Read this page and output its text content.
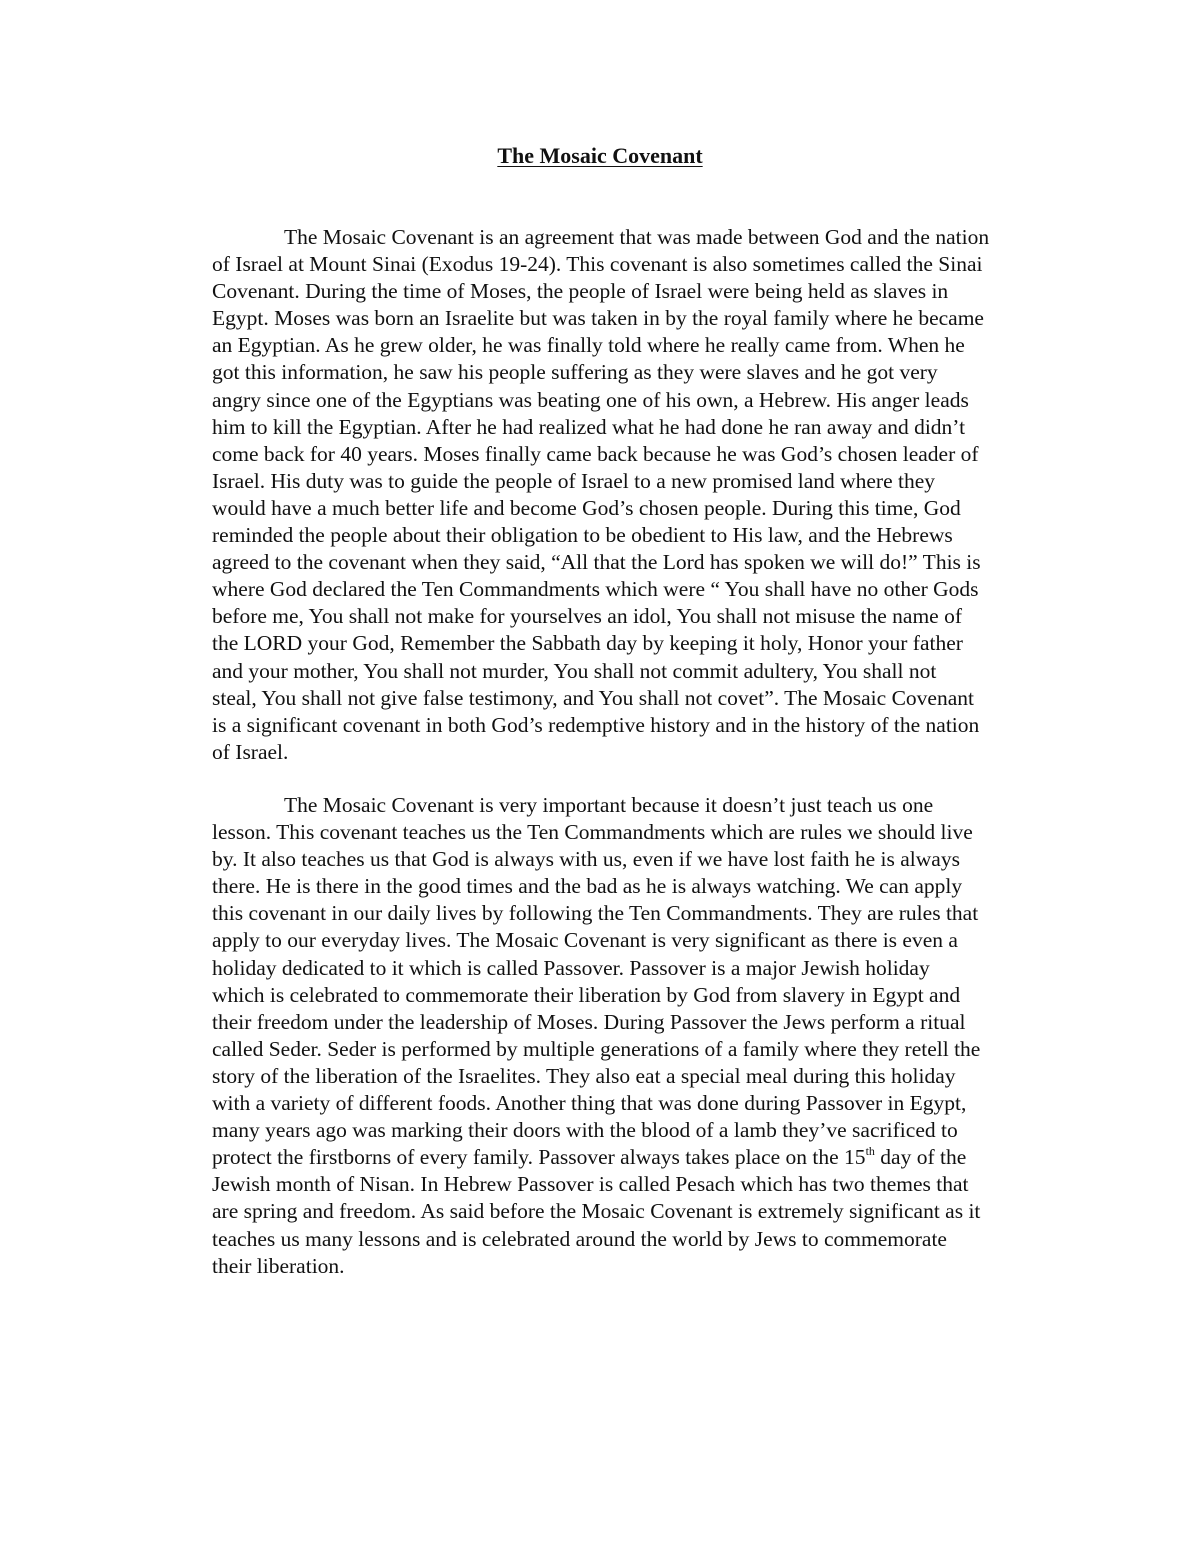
The Mosaic Covenant
The Mosaic Covenant is an agreement that was made between God and the nation
of Israel at Mount Sinai (Exodus 19-24). This covenant is also sometimes called the Sinai
Covenant. During the time of Moses, the people of Israel were being held as slaves in
Egypt. Moses was born an Israelite but was taken in by the royal family where he became
an Egyptian. As he grew older, he was finally told where he really came from. When he
got this information, he saw his people suffering as they were slaves and he got very
angry since one of the Egyptians was beating one of his own, a Hebrew. His anger leads
him to kill the Egyptian. After he had realized what he had done he ran away and didn’t
come back for 40 years. Moses finally came back because he was God’s chosen leader of
Israel. His duty was to guide the people of Israel to a new promised land where they
would have a much better life and become God’s chosen people. During this time, God
reminded the people about their obligation to be obedient to His law, and the Hebrews
agreed to the covenant when they said, “All that the Lord has spoken we will do!” This is
where God declared the Ten Commandments which were “ You shall have no other Gods
before me, You shall not make for yourselves an idol, You shall not misuse the name of
the LORD your God, Remember the Sabbath day by keeping it holy, Honor your father
and your mother, You shall not murder, You shall not commit adultery, You shall not
steal, You shall not give false testimony, and You shall not covet”. The Mosaic Covenant
is a significant covenant in both God’s redemptive history and in the history of the nation
of Israel.
The Mosaic Covenant is very important because it doesn’t just teach us one
lesson. This covenant teaches us the Ten Commandments which are rules we should live
by. It also teaches us that God is always with us, even if we have lost faith he is always
there. He is there in the good times and the bad as he is always watching. We can apply
this covenant in our daily lives by following the Ten Commandments. They are rules that
apply to our everyday lives. The Mosaic Covenant is very significant as there is even a
holiday dedicated to it which is called Passover. Passover is a major Jewish holiday
which is celebrated to commemorate their liberation by God from slavery in Egypt and
their freedom under the leadership of Moses. During Passover the Jews perform a ritual
called Seder. Seder is performed by multiple generations of a family where they retell the
story of the liberation of the Israelites. They also eat a special meal during this holiday
with a variety of different foods. Another thing that was done during Passover in Egypt,
many years ago was marking their doors with the blood of a lamb they’ve sacrificed to
protect the firstborns of every family. Passover always takes place on the 15th day of the
Jewish month of Nisan. In Hebrew Passover is called Pesach which has two themes that
are spring and freedom. As said before the Mosaic Covenant is extremely significant as it
teaches us many lessons and is celebrated around the world by Jews to commemorate
their liberation.
